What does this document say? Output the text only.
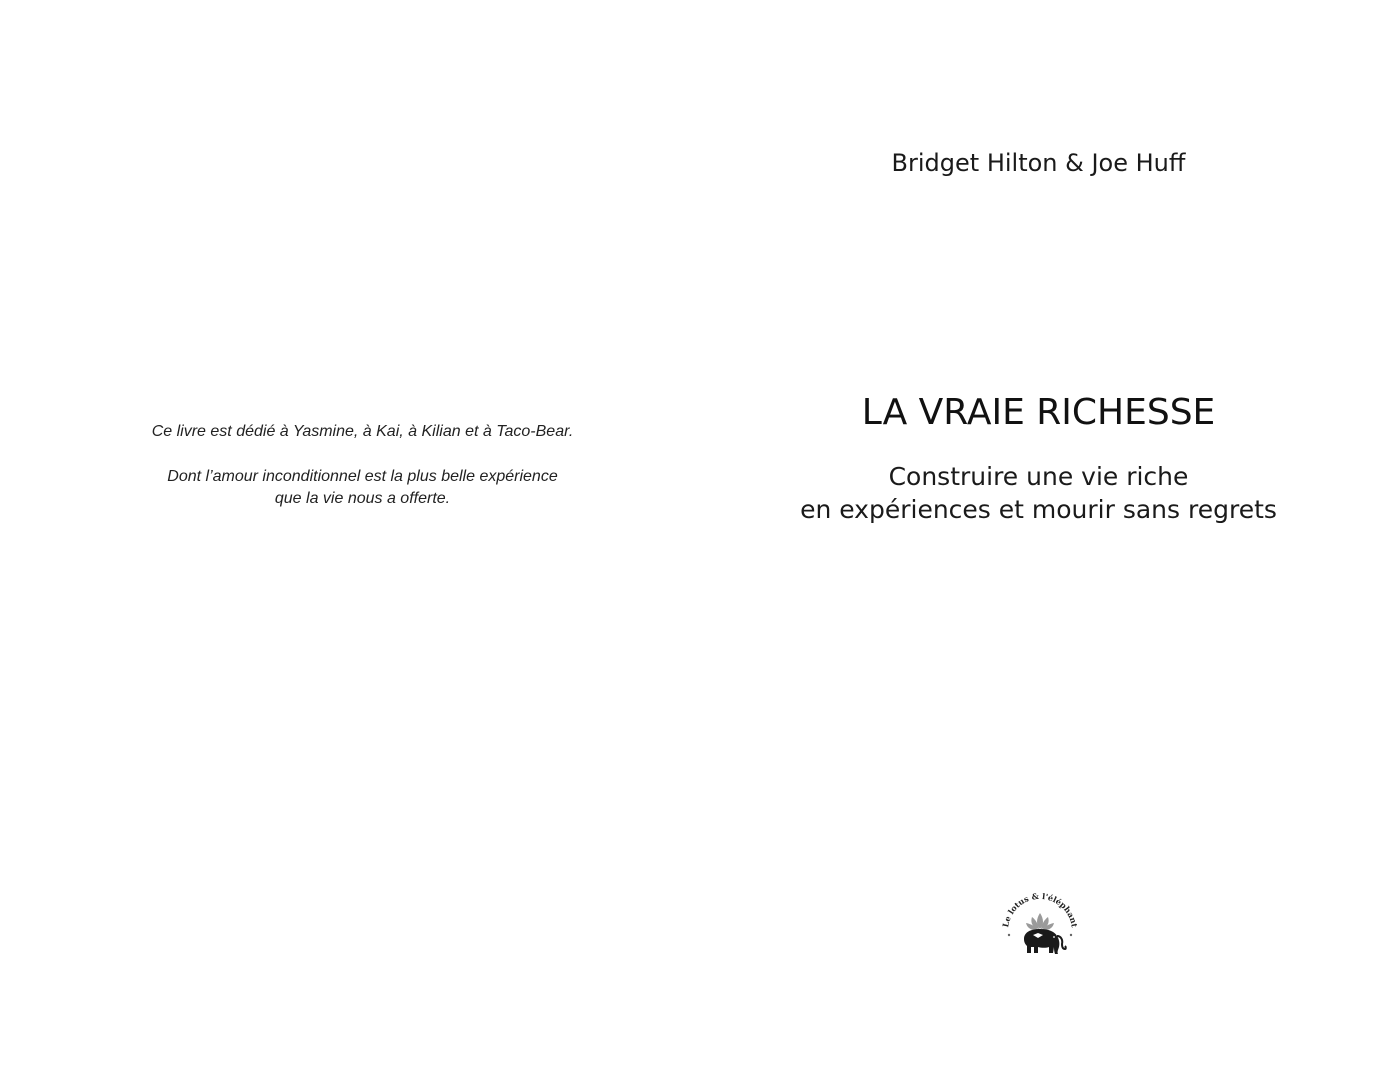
Ce livre est dédié à Yasmine, à Kai, à Kilian et à Taco-Bear.
Dont l’amour inconditionnel est la plus belle expérience
que la vie nous a offerte.
Bridget Hilton & Joe Huff
LA VRAIE RICHESSE
Construire une vie riche
en expériences et mourir sans regrets
Le lotus & l'éléphant
